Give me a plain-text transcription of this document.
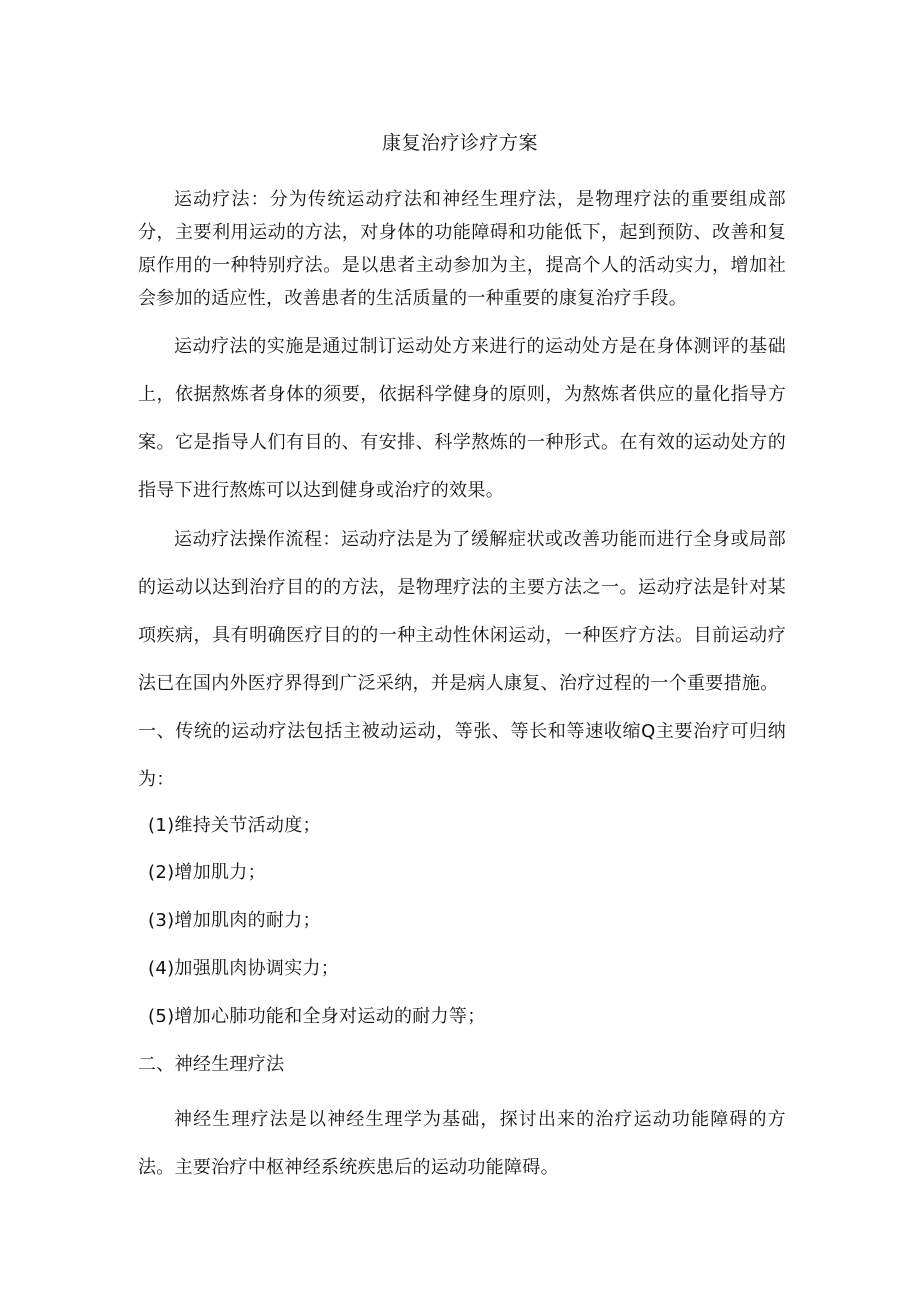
康复治疗诊疗方案

运动疗法：分为传统运动疗法和神经生理疗法，是物理疗法的重要组成部分，主要利用运动的方法，对身体的功能障碍和功能低下，起到预防、改善和复原作用的一种特别疗法。是以患者主动参加为主，提高个人的活动实力，增加社会参加的适应性，改善患者的生活质量的一种重要的康复治疗手段。

运动疗法的实施是通过制订运动处方来进行的运动处方是在身体测评的基础上，依据熬炼者身体的须要，依据科学健身的原则，为熬炼者供应的量化指导方案。它是指导人们有目的、有安排、科学熬炼的一种形式。在有效的运动处方的指导下进行熬炼可以达到健身或治疗的效果。

运动疗法操作流程：运动疗法是为了缓解症状或改善功能而进行全身或局部的运动以达到治疗目的的方法，是物理疗法的主要方法之一。运动疗法是针对某项疾病，具有明确医疗目的的一种主动性休闲运动，一种医疗方法。目前运动疗法已在国内外医疗界得到广泛采纳，并是病人康复、治疗过程的一个重要措施。

一、传统的运动疗法包括主被动运动，等张、等长和等速收缩Q主要治疗可归纳为：

(1)维持关节活动度；
(2)增加肌力；
(3)增加肌肉的耐力；
(4)加强肌肉协调实力；
(5)增加心肺功能和全身对运动的耐力等；
二、神经生理疗法

神经生理疗法是以神经生理学为基础，探讨出来的治疗运动功能障碍的方法。主要治疗中枢神经系统疾患后的运动功能障碍。
